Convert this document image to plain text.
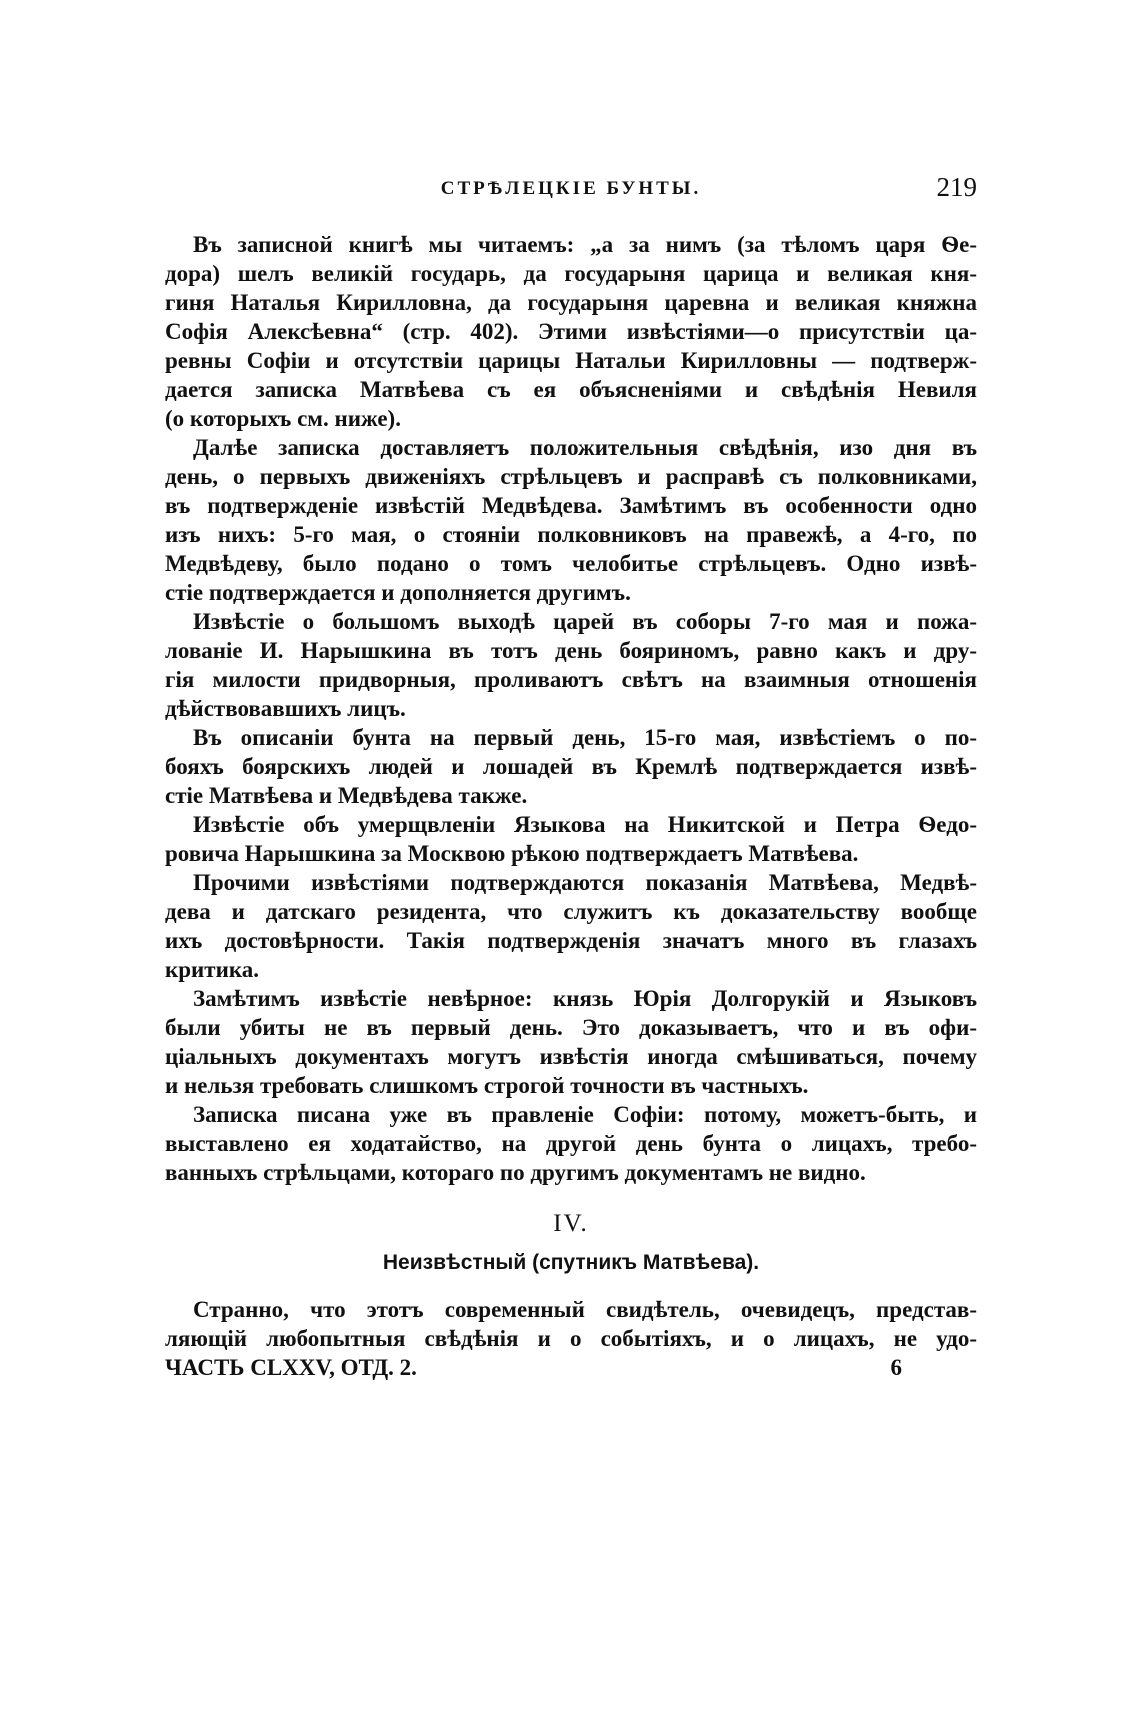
СТРѢЛЕЦКІЕ БУНТЫ.	219
Въ записной книгѣ мы читаемъ: „а за нимъ (за тѣломъ царя Ѳе-
дора) шелъ великій государь, да государыня царица и великая кня-
гиня Наталья Кирилловна, да государыня царевна и великая княжна
Софія Алексѣевна“ (стр. 402). Этими извѣстіями—о присутствіи ца-
ревны Софіи и отсутствіи царицы Натальи Кирилловны — подтверж-
дается записка Матвѣева съ ея объясненіями и свѣдѣнія Невиля
(о которыхъ см. ниже).
Далѣе записка доставляетъ положительныя свѣдѣнія, изо дня въ
день, о первыхъ движеніяхъ стрѣльцевъ и расправѣ съ полковниками,
въ подтвержденіе извѣстій Медвѣдева. Замѣтимъ въ особенности одно
изъ нихъ: 5-го мая, о стояніи полковниковъ на правежѣ, а 4-го, по
Медвѣдеву, было подано о томъ челобитье стрѣльцевъ. Одно извѣ-
стіе подтверждается и дополняется другимъ.
Извѣстіе о большомъ выходѣ царей въ соборы 7-го мая и пожа-
лованіе И. Нарышкина въ тотъ день бояриномъ, равно какъ и дру-
гія милости придворныя, проливаютъ свѣтъ на взаимныя отношенія
дѣйствовавшихъ лицъ.
Въ описаніи бунта на первый день, 15-го мая, извѣстіемъ о по-
бояхъ боярскихъ людей и лошадей въ Кремлѣ подтверждается извѣ-
стіе Матвѣева и Медвѣдева также.
Извѣстіе объ умерщвленіи Языкова на Никитской и Петра Ѳедо-
ровича Нарышкина за Москвою рѣкою подтверждаетъ Матвѣева.
Прочими извѣстіями подтверждаются показанія Матвѣева, Медвѣ-
дева и датскаго резидента, что служитъ къ доказательству вообще
ихъ достовѣрности. Такія подтвержденія значатъ много въ глазахъ
критика.
Замѣтимъ извѣстіе невѣрное: князь Юрія Долгорукій и Языковъ
были убиты не въ первый день. Это доказываетъ, что и въ офи-
ціальныхъ документахъ могутъ извѣстія иногда смѣшиваться, почему
и нельзя требовать слишкомъ строгой точности въ частныхъ.
Записка писана уже въ правленіе Софіи: потому, можетъ-быть, и
выставлено ея ходатайство, на другой день бунта о лицахъ, требо-
ванныхъ стрѣльцами, котораго по другимъ документамъ не видно.
IV.
Неизвѣстный (спутникъ Матвѣева).
Странно, что этотъ современный свидѣтель, очевидецъ, представ-
ляющій любопытныя свѣдѣнія и о событіяхъ, и о лицахъ, не удо-
ЧАСТЬ CLXXV, ОТД. 2.	6
